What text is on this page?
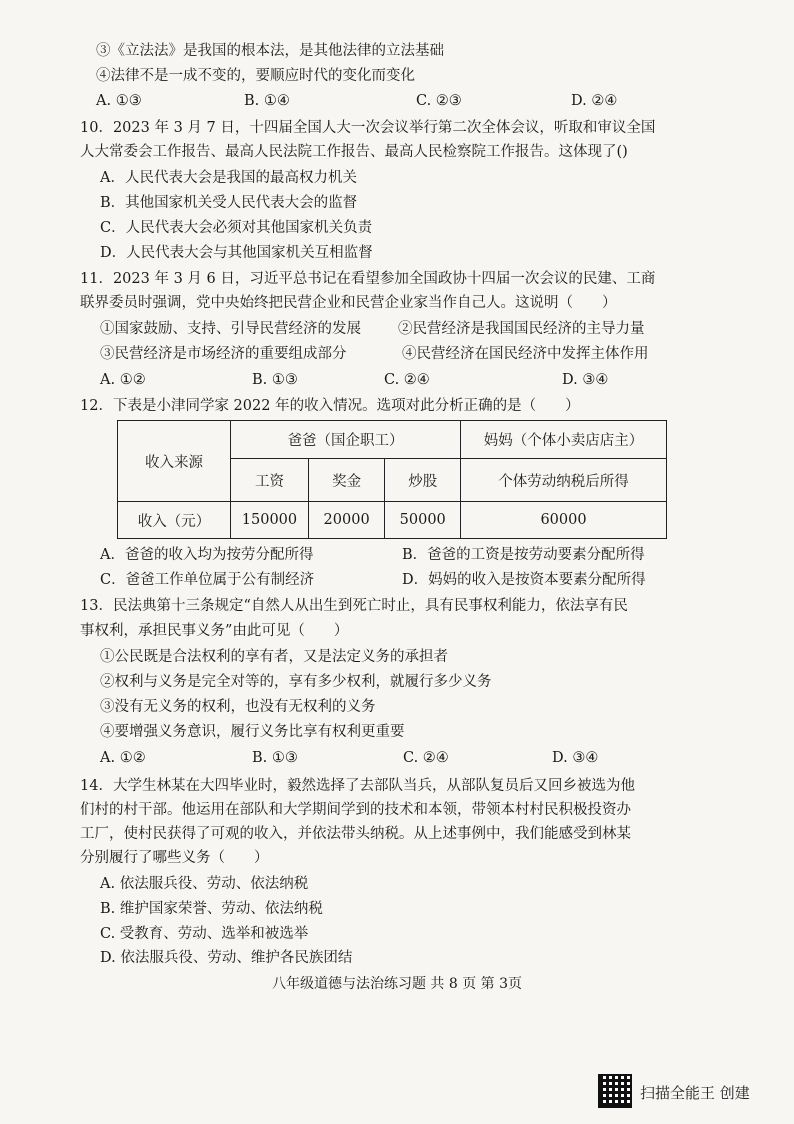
③《立法法》是我国的根本法，是其他法律的立法基础
④法律不是一成不变的，要顺应时代的变化而变化
A. ①③	B. ①④	C. ②③	D. ②④
10．2023 年 3 月 7 日，十四届全国人大一次会议举行第二次全体会议，听取和审议全国
人大常委会工作报告、最高人民法院工作报告、最高人民检察院工作报告。这体现了()
A．人民代表大会是我国的最高权力机关
B．其他国家机关受人民代表大会的监督
C．人民代表大会必须对其他国家机关负责
D．人民代表大会与其他国家机关互相监督
11．2023 年 3 月 6 日，习近平总书记在看望参加全国政协十四届一次会议的民建、工商
联界委员时强调，党中央始终把民营企业和民营企业家当作自己人。这说明（　　）
①国家鼓励、支持、引导民营经济的发展	②民营经济是我国国民经济的主导力量
③民营经济是市场经济的重要组成部分	④民营经济在国民经济中发挥主体作用
A. ①②	B. ①③	C. ②④	D. ③④
12．下表是小津同学家 2022 年的收入情况。选项对此分析正确的是（　　）
收入来源	爸爸（国企职工）			妈妈（个体小卖店店主）
	工资	奖金	炒股	个体劳动纳税后所得
收入（元）	150000	20000	50000	60000
A．爸爸的收入均为按劳分配所得	B．爸爸的工资是按劳动要素分配所得
C．爸爸工作单位属于公有制经济	D．妈妈的收入是按资本要素分配所得
13．民法典第十三条规定“自然人从出生到死亡时止，具有民事权利能力，依法享有民
事权利，承担民事义务”由此可见（　　）
①公民既是合法权利的享有者，又是法定义务的承担者
②权利与义务是完全对等的，享有多少权利，就履行多少义务
③没有无义务的权利，也没有无权利的义务
④要增强义务意识，履行义务比享有权利更重要
A. ①②	B. ①③	C. ②④	D. ③④
14．大学生林某在大四毕业时，毅然选择了去部队当兵，从部队复员后又回乡被选为他
们村的村干部。他运用在部队和大学期间学到的技术和本领，带领本村村民积极投资办
工厂，使村民获得了可观的收入，并依法带头纳税。从上述事例中，我们能感受到林某
分别履行了哪些义务（　　）
A. 依法服兵役、劳动、依法纳税
B. 维护国家荣誉、劳动、依法纳税
C. 受教育、劳动、选举和被选举
D. 依法服兵役、劳动、维护各民族团结
八年级道德与法治练习题 共 8 页 第 3页
扫描全能王 创建
